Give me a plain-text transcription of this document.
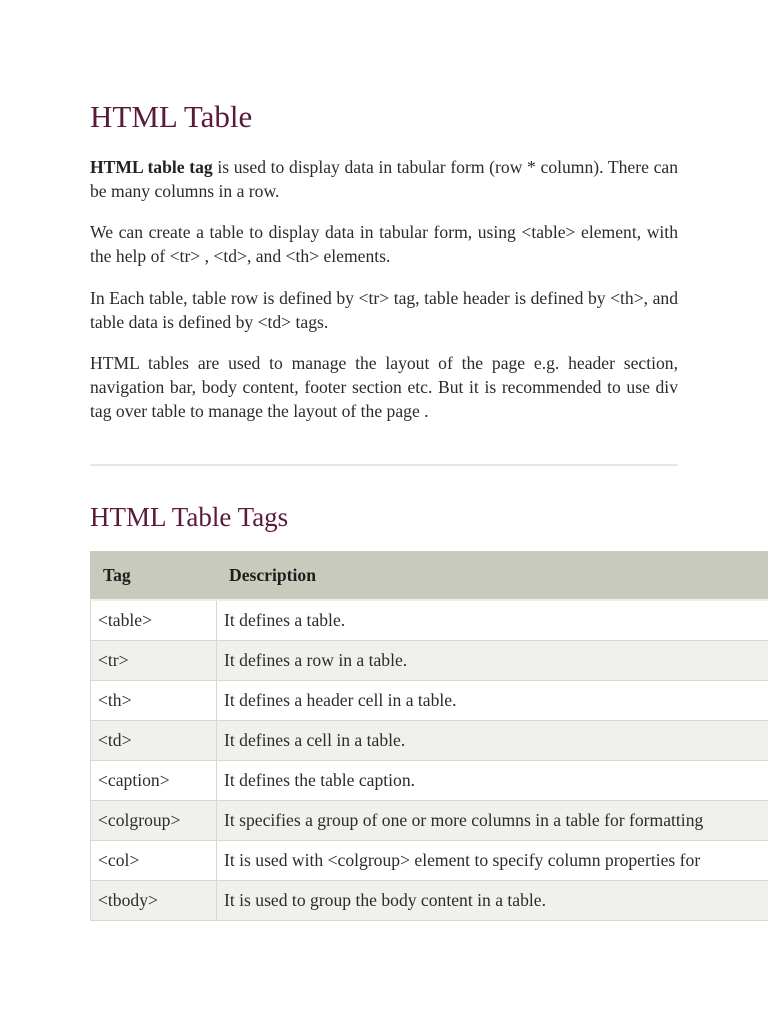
HTML Table

HTML table tag is used to display data in tabular form (row * column). There can be many columns in a row.

We can create a table to display data in tabular form, using <table> element, with the help of <tr> , <td>, and <th> elements.

In Each table, table row is defined by <tr> tag, table header is defined by <th>, and table data is defined by <td> tags.

HTML tables are used to manage the layout of the page e.g. header section, navigation bar, body content, footer section etc. But it is recommended to use div tag over table to manage the layout of the page .

HTML Table Tags
Tag	Description
<table>	It defines a table.
<tr>	It defines a row in a table.
<th>	It defines a header cell in a table.
<td>	It defines a cell in a table.
<caption>	It defines the table caption.
<colgroup>	It specifies a group of one or more columns in a table for formatting
<col>	It is used with <colgroup> element to specify column properties for
<tbody>	It is used to group the body content in a table.
